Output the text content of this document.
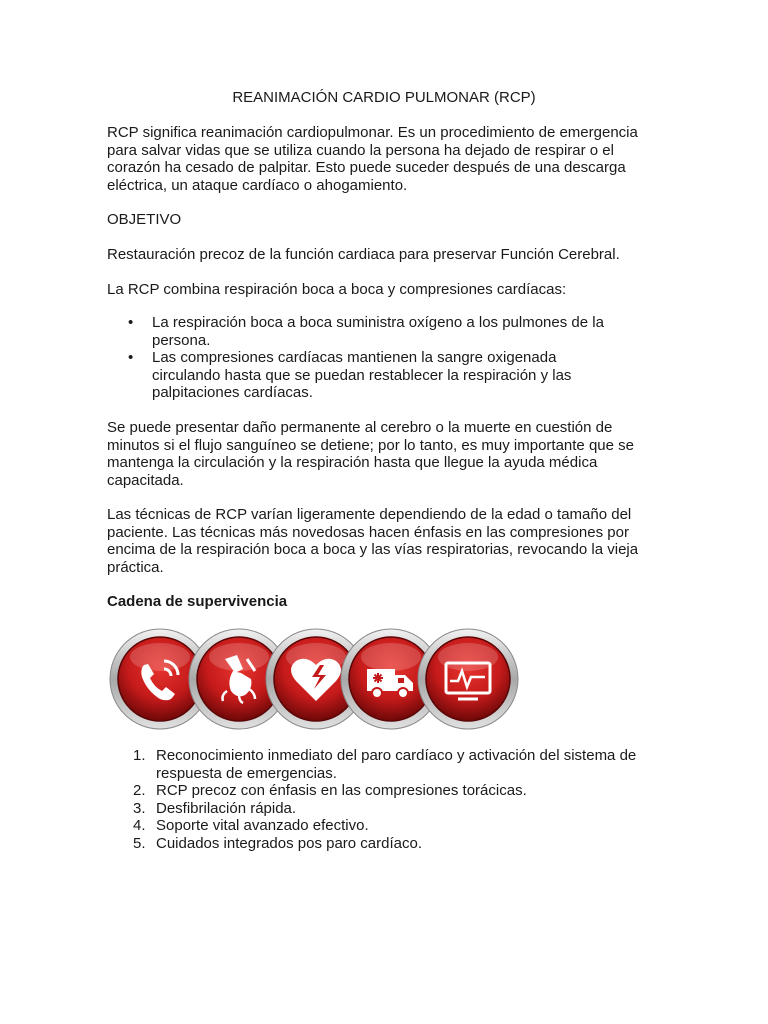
REANIMACIÓN CARDIO PULMONAR (RCP)

RCP significa reanimación cardiopulmonar. Es un procedimiento de emergencia para salvar vidas que se utiliza cuando la persona ha dejado de respirar o el corazón ha cesado de palpitar. Esto puede suceder después de una descarga eléctrica, un ataque cardíaco o ahogamiento.

OBJETIVO

Restauración precoz de la función cardiaca para preservar Función Cerebral.

La RCP combina respiración boca a boca y compresiones cardíacas:

• La respiración boca a boca suministra oxígeno a los pulmones de la persona.
• Las compresiones cardíacas mantienen la sangre oxigenada circulando hasta que se puedan restablecer la respiración y las palpitaciones cardíacas.

Se puede presentar daño permanente al cerebro o la muerte en cuestión de minutos si el flujo sanguíneo se detiene; por lo tanto, es muy importante que se mantenga la circulación y la respiración hasta que llegue la ayuda médica capacitada.

Las técnicas de RCP varían ligeramente dependiendo de la edad o tamaño del paciente. Las técnicas más novedosas hacen énfasis en las compresiones por encima de la respiración boca a boca y las vías respiratorias, revocando la vieja práctica.

Cadena de supervivencia

1. Reconocimiento inmediato del paro cardíaco y activación del sistema de respuesta de emergencias.
2. RCP precoz con énfasis en las compresiones torácicas.
3. Desfibrilación rápida.
4. Soporte vital avanzado efectivo.
5. Cuidados integrados pos paro cardíaco.
